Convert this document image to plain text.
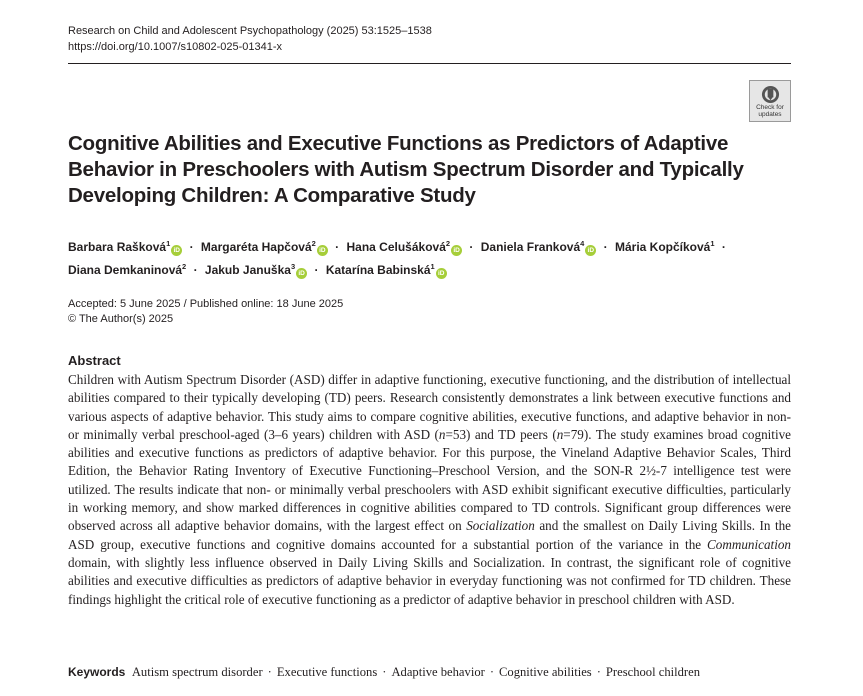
Research on Child and Adolescent Psychopathology (2025) 53:1525–1538
https://doi.org/10.1007/s10802-025-01341-x
Check for
updates
Cognitive Abilities and Executive Functions as Predictors of Adaptive Behavior in Preschoolers with Autism Spectrum Disorder and Typically Developing Children: A Comparative Study
Barbara Rašková$^1$iD · Margaréta Hapčová$^2$iD · Hana Celušáková$^2$iD · Daniela Franková$^4$iD · Mária Kopčíková$^1$ · Diana Demkaninová$^2$ · Jakub Januška$^3$iD · Katarína Babinská$^1$iD
Accepted: 5 June 2025 / Published online: 18 June 2025
© The Author(s) 2025
Abstract

Children with Autism Spectrum Disorder (ASD) differ in adaptive functioning, executive functioning, and the distribution of intellectual abilities compared to their typically developing (TD) peers. Research consistently demonstrates a link between executive functions and various aspects of adaptive behavior. This study aims to compare cognitive abilities, executive functions, and adaptive behavior in non- or minimally verbal preschool-aged (3–6 years) children with ASD (n=53) and TD peers (n=79). The study examines broad cognitive abilities and executive functions as predictors of adaptive behavior. For this purpose, the Vineland Adaptive Behavior Scales, Third Edition, the Behavior Rating Inventory of Executive Functioning–Preschool Version, and the SON-R 2½-7 intelligence test were utilized. The results indicate that non- or minimally verbal preschoolers with ASD exhibit significant executive difficulties, particularly in working memory, and show marked differences in cognitive abilities compared to TD controls. Significant group differences were observed across all adaptive behavior domains, with the largest effect on Socialization and the smallest on Daily Living Skills. In the ASD group, executive functions and cognitive domains accounted for a substantial portion of the variance in the Communication domain, with slightly less influence observed in Daily Living Skills and Socialization. In contrast, the significant role of cognitive abilities and executive difficulties as predictors of adaptive behavior in everyday functioning was not confirmed for TD children. These findings highlight the critical role of executive functioning as a predictor of adaptive behavior in preschool children with ASD.

Keywords Autism spectrum disorder · Executive functions · Adaptive behavior · Cognitive abilities · Preschool children
